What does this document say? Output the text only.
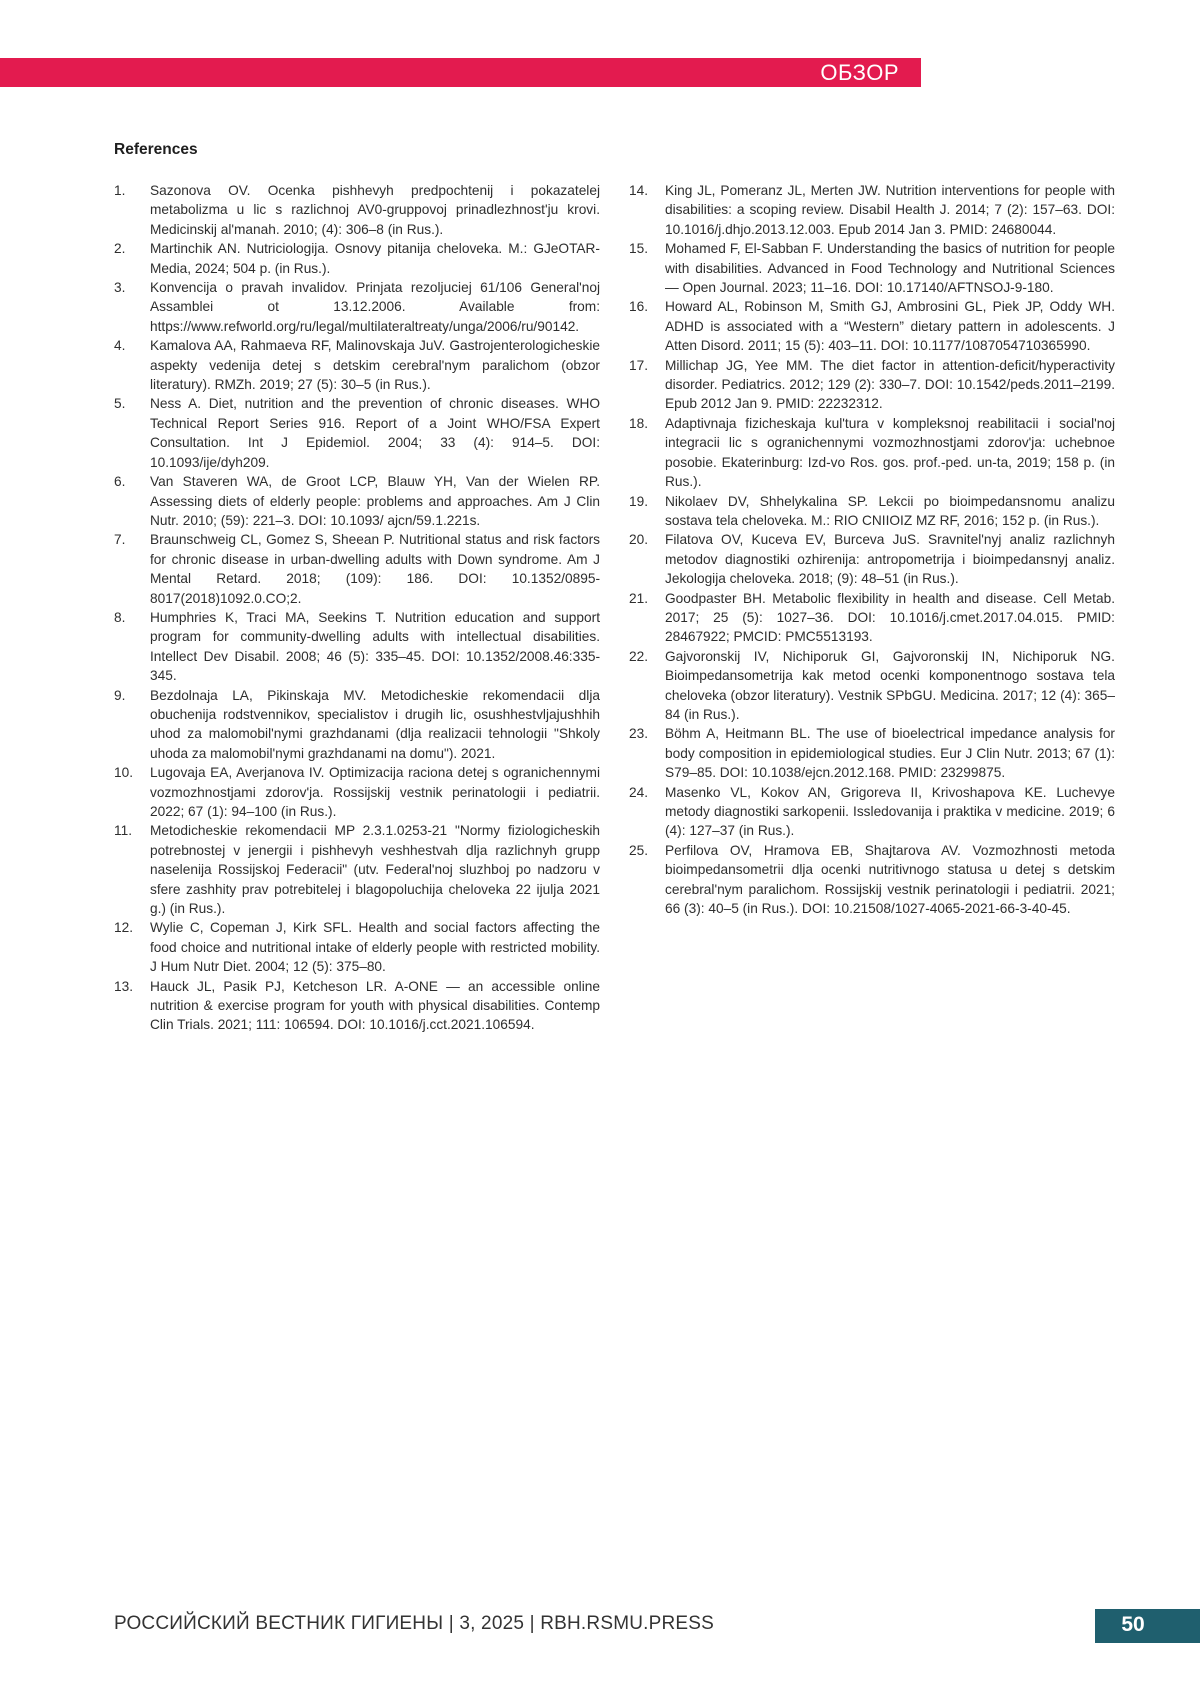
ОБЗОР
References
1.	Sazonova OV. Ocenka pishhevyh predpochtenij i pokazatelej metabolizma u lic s razlichnoj AV0-gruppovoj prinadlezhnost'ju krovi. Medicinskij al'manah. 2010; (4): 306–8 (in Rus.).
2.	Martinchik AN. Nutriciologija. Osnovy pitanija cheloveka. M.: GJeOTAR-Media, 2024; 504 p. (in Rus.).
3.	Konvencija o pravah invalidov. Prinjata rezoljuciej 61/106 General'noj Assamblei ot 13.12.2006. Available from: https://www.refworld.org/ru/legal/multilateraltreaty/unga/2006/ru/90142.
4.	Kamalova AA, Rahmaeva RF, Malinovskaja JuV. Gastrojenterologicheskie aspekty vedenija detej s detskim cerebral'nym paralichom (obzor literatury). RMZh. 2019; 27 (5): 30–5 (in Rus.).
5.	Ness A. Diet, nutrition and the prevention of chronic diseases. WHO Technical Report Series 916. Report of a Joint WHO/FSA Expert Consultation. Int J Epidemiol. 2004; 33 (4): 914–5. DOI: 10.1093/ije/dyh209.
6.	Van Staveren WA, de Groot LCP, Blauw YH, Van der Wielen RP. Assessing diets of elderly people: problems and approaches. Am J Clin Nutr. 2010; (59): 221–3. DOI: 10.1093/ ajcn/59.1.221s.
7.	Braunschweig CL, Gomez S, Sheean P. Nutritional status and risk factors for chronic disease in urban-dwelling adults with Down syndrome. Am J Mental Retard. 2018; (109): 186. DOI: 10.1352/0895-8017(2018)1092.0.CO;2.
8.	Humphries K, Traci MA, Seekins T. Nutrition education and support program for community-dwelling adults with intellectual disabilities. Intellect Dev Disabil. 2008; 46 (5): 335–45. DOI: 10.1352/2008.46:335-345.
9.	Bezdolnaja LA, Pikinskaja MV. Metodicheskie rekomendacii dlja obuchenija rodstvennikov, specialistov i drugih lic, osushhestvljajushhih uhod za malomobil'nymi grazhdanami (dlja realizacii tehnologii "Shkoly uhoda za malomobil'nymi grazhdanami na domu"). 2021.
10.	Lugovaja EA, Averjanova IV. Optimizacija raciona detej s ogranichennymi vozmozhnostjami zdorov'ja. Rossijskij vestnik perinatologii i pediatrii. 2022; 67 (1): 94–100 (in Rus.).
11.	Metodicheskie rekomendacii MP 2.3.1.0253-21 "Normy fiziologicheskih potrebnostej v jenergii i pishhevyh veshhestvah dlja razlichnyh grupp naselenija Rossijskoj Federacii" (utv. Federal'noj sluzhboj po nadzoru v sfere zashhity prav potrebitelej i blagopoluchija cheloveka 22 ijulja 2021 g.) (in Rus.).
12.	Wylie C, Copeman J, Kirk SFL. Health and social factors affecting the food choice and nutritional intake of elderly people with restricted mobility. J Hum Nutr Diet. 2004; 12 (5): 375–80.
13.	Hauck JL, Pasik PJ, Ketcheson LR. A-ONE — an accessible online nutrition & exercise program for youth with physical disabilities. Contemp Clin Trials. 2021; 111: 106594. DOI: 10.1016/j.cct.2021.106594.
14.	King JL, Pomeranz JL, Merten JW. Nutrition interventions for people with disabilities: a scoping review. Disabil Health J. 2014; 7 (2): 157–63. DOI: 10.1016/j.dhjo.2013.12.003. Epub 2014 Jan 3. PMID: 24680044.
15.	Mohamed F, El-Sabban F. Understanding the basics of nutrition for people with disabilities. Advanced in Food Technology and Nutritional Sciences — Open Journal. 2023; 11–16. DOI: 10.17140/AFTNSOJ-9-180.
16.	Howard AL, Robinson M, Smith GJ, Ambrosini GL, Piek JP, Oddy WH. ADHD is associated with a “Western” dietary pattern in adolescents. J Atten Disord. 2011; 15 (5): 403–11. DOI: 10.1177/1087054710365990.
17.	Millichap JG, Yee MM. The diet factor in attention-deficit/hyperactivity disorder. Pediatrics. 2012; 129 (2): 330–7. DOI: 10.1542/peds.2011–2199. Epub 2012 Jan 9. PMID: 22232312.
18.	Adaptivnaja fizicheskaja kul'tura v kompleksnoj reabilitacii i social'noj integracii lic s ogranichennymi vozmozhnostjami zdorov'ja: uchebnoe posobie. Ekaterinburg: Izd-vo Ros. gos. prof.-ped. un-ta, 2019; 158 p. (in Rus.).
19.	Nikolaev DV, Shhelykalina SP. Lekcii po bioimpedansnomu analizu sostava tela cheloveka. M.: RIO CNIIOIZ MZ RF, 2016; 152 p. (in Rus.).
20.	Filatova OV, Kuceva EV, Burceva JuS. Sravnitel'nyj analiz razlichnyh metodov diagnostiki ozhirenija: antropometrija i bioimpedansnyj analiz. Jekologija cheloveka. 2018; (9): 48–51 (in Rus.).
21.	Goodpaster BH. Metabolic flexibility in health and disease. Cell Metab. 2017; 25 (5): 1027–36. DOI: 10.1016/j.cmet.2017.04.015. PMID: 28467922; PMCID: PMC5513193.
22.	Gajvoronskij IV, Nichiporuk GI, Gajvoronskij IN, Nichiporuk NG. Bioimpedansometrija kak metod ocenki komponentnogo sostava tela cheloveka (obzor literatury). Vestnik SPbGU. Medicina. 2017; 12 (4): 365–84 (in Rus.).
23.	Böhm A, Heitmann BL. The use of bioelectrical impedance analysis for body composition in epidemiological studies. Eur J Clin Nutr. 2013; 67 (1): S79–85. DOI: 10.1038/ejcn.2012.168. PMID: 23299875.
24.	Masenko VL, Kokov AN, Grigoreva II, Krivoshapova KE. Luchevye metody diagnostiki sarkopenii. Issledovanija i praktika v medicine. 2019; 6 (4): 127–37 (in Rus.).
25.	Perfilova OV, Hramova EB, Shajtarova AV. Vozmozhnosti metoda bioimpedansometrii dlja ocenki nutritivnogo statusa u detej s detskim cerebral'nym paralichom. Rossijskij vestnik perinatologii i pediatrii. 2021; 66 (3): 40–5 (in Rus.). DOI: 10.21508/1027-4065-2021-66-3-40-45.
РОССИЙСКИЙ ВЕСТНИК ГИГИЕНЫ | 3, 2025 | RBH.RSMU.PRESS	50
